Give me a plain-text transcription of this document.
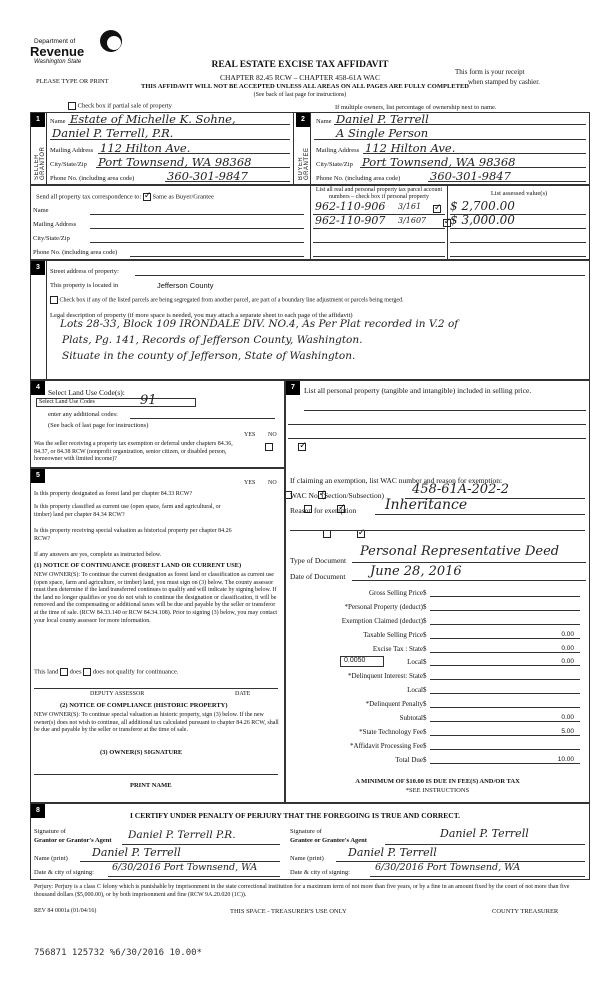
Department of
Revenue
Washington State
PLEASE TYPE OR PRINT
REAL ESTATE EXCISE TAX AFFIDAVIT
CHAPTER 82.45 RCW – CHAPTER 458-61A WAC
THIS AFFIDAVIT WILL NOT BE ACCEPTED UNLESS ALL AREAS ON ALL PAGES ARE FULLY COMPLETED
(See back of last page for instructions)
This form is your receipt
when stamped by cashier.
Check box if partial sale of property	If multiple owners, list percentage of ownership next to name.
1
SELLER GRANTOR
Name Estate of Michelle K. Sohne,
Daniel P. Terrell, P.R.
Mailing Address 112 Hilton Ave.
City/State/Zip Port Townsend, WA 98368
Phone No. (including area code)	360-301-9847
2
BUYER GRANTEE
Name Daniel P. Terrell
A Single Person
Mailing Address 112 Hilton Ave.
City/State/Zip Port Townsend, WA 98368
Phone No. (including area code)	360-301-9847
Send all property tax correspondence to: ✓ Same as Buyer/Grantee
Name
Mailing Address
City/State/Zip
Phone No. (including area code)
List all real and personal property tax parcel account
numbers – check box if personal property	List assessed value(s)
962-110-906 3/161 ✓ $ 2,700.00
962-110-907 3/1607 ✓ $ 3,000.00
3
Street address of property:
This property is located in	Jefferson County
Check box if any of the listed parcels are being segregated from another parcel, are part of a boundary line adjustment or parcels being merged.
Legal description of property (if more space is needed, you may attach a separate sheet to each page of the affidavit)
Lots 28-33, Block 109 IRONDALE DIV. NO.4, As Per Plat recorded in V.2 of
Plats, Pg. 141, Records of Jefferson County, Washington.
Situate in the county of Jefferson, State of Washington.
4
Select Land Use Code(s):
Select Land Use Codes	91
enter any additional codes:
(See back of last page for instructions)
YES NO
Was the seller receiving a property tax exemption or deferral under chapters 84.36, 84.37, or 84.38 RCW (nonprofit organization, senior citizen, or disabled person, homeowner with limited income)?
✓
5
YES NO
Is this property designated as forest land per chapter 84.33 RCW?
✓
Is this property classified as current use (open space, farm and agricultural, or timber) land per chapter 84.34 RCW?
✓
Is this property receiving special valuation as historical property per chapter 84.26 RCW?
✓
If any answers are yes, complete as instructed below.
(1) NOTICE OF CONTINUANCE (FOREST LAND OR CURRENT USE)
NEW OWNER(S): To continue the current designation as forest land or classification as current use (open space, farm and agriculture, or timber) land, you must sign on (3) below. The county assessor must then determine if the land transferred continues to qualify and will indicate by signing below. If the land no longer qualifies or you do not wish to continue the designation or classification, it will be removed and the compensating or additional taxes will be due and payable by the seller or transferor at the time of sale. (RCW 84.33.140 or RCW 84.34.108). Prior to signing (3) below, you may contact your local county assessor for more information.
This land does does not qualify for continuance.
DEPUTY ASSESSOR	DATE
(2) NOTICE OF COMPLIANCE (HISTORIC PROPERTY)
NEW OWNER(S): To continue special valuation as historic property, sign (3) below. If the new owner(s) does not wish to continue, all additional tax calculated pursuant to chapter 84.26 RCW, shall be due and payable by the seller or transferor at the time of sale.
(3) OWNER(S) SIGNATURE
PRINT NAME
7	List all personal property (tangible and intangible) included in selling price.
If claiming an exemption, list WAC number and reason for exemption:
WAC No. (Section/Subsection) 458-61A-202-2
Reason for exemption Inheritance
Type of Document
Personal Representative Deed
Date of Document June 28, 2016
Gross Selling Price $

*Personal Property (deduct) $

Exemption Claimed (deduct) $

Taxable Selling Price $	0.00
Excise Tax : State $	0.00
0.0050	Local $	0.00
*Delinquent Interest: State $

Local $

*Delinquent Penalty $

Subtotal $	0.00
*State Technology Fee $	5.00
*Affidavit Processing Fee $

Total Due $	10.00
A MINIMUM OF $10.00 IS DUE IN FEE(S) AND/OR TAX
*SEE INSTRUCTIONS
8
I CERTIFY UNDER PENALTY OF PERJURY THAT THE FOREGOING IS TRUE AND CORRECT.
Signature of
Grantor or Grantor's Agent Daniel P. Terrell P.R.
Name (print) Daniel P. Terrell
Date & city of signing: 6/30/2016 Port Townsend, WA
Signature of
Grantee or Grantee's Agent
Daniel P. Terrell
Name (print) Daniel P. Terrell
Date & city of signing:	6/30/2016 Port Townsend, WA
Perjury: Perjury is a class C felony which is punishable by imprisonment in the state correctional institution for a maximum term of not more than five years, or by a fine in an amount fixed by the court of not more than five thousand dollars ($5,000.00), or by both imprisonment and fine (RCW 9A.20.020 (1C)).
REV 84 0001a (01/04/16)	THIS SPACE - TREASURER'S USE ONLY	COUNTY TREASURER
756871 125732 %6/30/2016 10.00*
